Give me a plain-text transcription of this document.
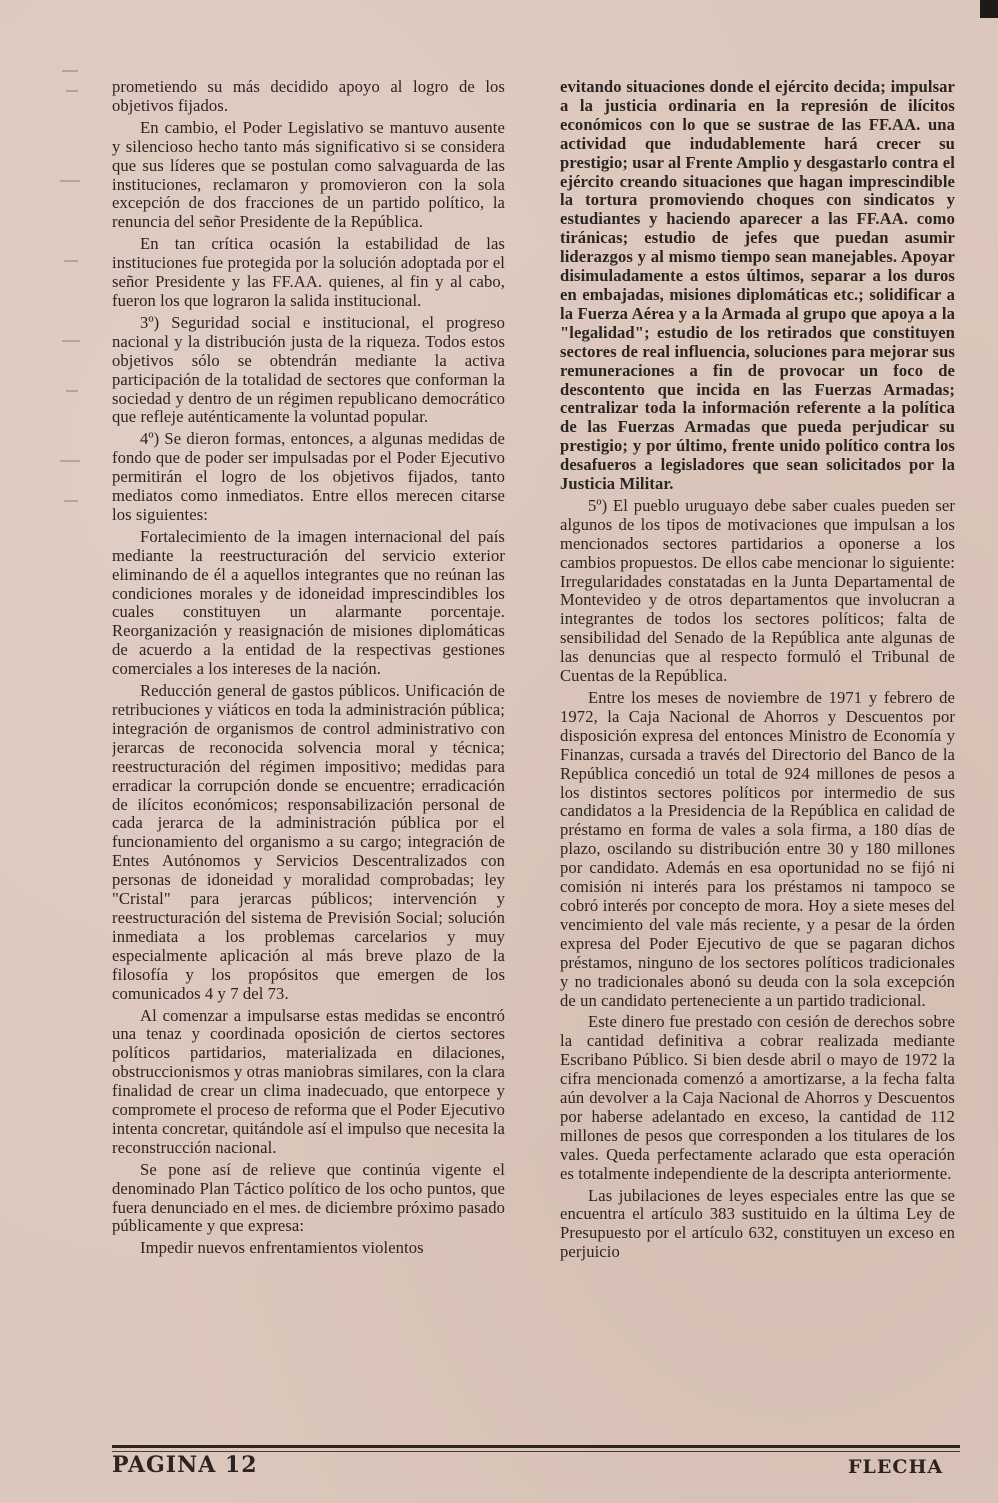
prometiendo su más decidido apoyo al logro de los objetivos fijados.

En cambio, el Poder Legislativo se mantuvo ausente y silencioso hecho tanto más significativo si se considera que sus líderes que se postulan como salvaguarda de las instituciones, reclamaron y promovieron con la sola excepción de dos fracciones de un partido político, la renuncia del señor Presidente de la República.

En tan crítica ocasión la estabilidad de las instituciones fue protegida por la solución adoptada por el señor Presidente y las FF.AA. quienes, al fin y al cabo, fueron los que lograron la salida institucional.

3º) Seguridad social e institucional, el progreso nacional y la distribución justa de la riqueza. Todos estos objetivos sólo se obtendrán mediante la activa participación de la totalidad de sectores que conforman la sociedad y dentro de un régimen republicano democrático que refleje auténticamente la voluntad popular.

4º) Se dieron formas, entonces, a algunas medidas de fondo que de poder ser impulsadas por el Poder Ejecutivo permitirán el logro de los objetivos fijados, tanto mediatos como inmediatos. Entre ellos merecen citarse los siguientes:

Fortalecimiento de la imagen internacional del país mediante la reestructuración del servicio exterior eliminando de él a aquellos integrantes que no reúnan las condiciones morales y de idoneidad imprescindibles los cuales constituyen un alarmante porcentaje. Reorganización y reasignación de misiones diplomáticas de acuerdo a la entidad de la respectivas gestiones comerciales a los intereses de la nación.

Reducción general de gastos públicos. Unificación de retribuciones y viáticos en toda la administración pública; integración de organismos de control administrativo con jerarcas de reconocida solvencia moral y técnica; reestructuración del régimen impositivo; medidas para erradicar la corrupción donde se encuentre; erradicación de ilícitos económicos; responsabilización personal de cada jerarca de la administración pública por el funcionamiento del organismo a su cargo; integración de Entes Autónomos y Servicios Descentralizados con personas de idoneidad y moralidad comprobadas; ley "Cristal" para jerarcas públicos; intervención y reestructuración del sistema de Previsión Social; solución inmediata a los problemas carcelarios y muy especialmente aplicación al más breve plazo de la filosofía y los propósitos que emergen de los comunicados 4 y 7 del 73.

Al comenzar a impulsarse estas medidas se encontró una tenaz y coordinada oposición de ciertos sectores políticos partidarios, materializada en dilaciones, obstruccionismos y otras maniobras similares, con la clara finalidad de crear un clima inadecuado, que entorpece y compromete el proceso de reforma que el Poder Ejecutivo intenta concretar, quitándole así el impulso que necesita la reconstrucción nacional.

Se pone así de relieve que continúa vigente el denominado Plan Táctico político de los ocho puntos, que fuera denunciado en el mes. de diciembre próximo pasado públicamente y que expresa:

Impedir nuevos enfrentamientos violentos

evitando situaciones donde el ejército decida; impulsar a la justicia ordinaria en la represión de ilícitos económicos con lo que se sustrae de las FF.AA. una actividad que indudablemente hará crecer su prestigio; usar al Frente Amplio y desgastarlo contra el ejército creando situaciones que hagan imprescindible la tortura promoviendo choques con sindicatos y estudiantes y haciendo aparecer a las FF.AA. como tiránicas; estudio de jefes que puedan asumir liderazgos y al mismo tiempo sean manejables. Apoyar disimuladamente a estos últimos, separar a los duros en embajadas, misiones diplomáticas etc.; solidificar a la Fuerza Aérea y a la Armada al grupo que apoya a la "legalidad"; estudio de los retirados que constituyen sectores de real influencia, soluciones para mejorar sus remuneraciones a fin de provocar un foco de descontento que incida en las Fuerzas Armadas; centralizar toda la información referente a la política de las Fuerzas Armadas que pueda perjudicar su prestigio; y por último, frente unido político contra los desafueros a legisladores que sean solicitados por la Justicia Militar.

5º) El pueblo uruguayo debe saber cuales pueden ser algunos de los tipos de motivaciones que impulsan a los mencionados sectores partidarios a oponerse a los cambios propuestos. De ellos cabe mencionar lo siguiente: Irregularidades constatadas en la Junta Departamental de Montevideo y de otros departamentos que involucran a integrantes de todos los sectores políticos; falta de sensibilidad del Senado de la República ante algunas de las denuncias que al respecto formuló el Tribunal de Cuentas de la República.

Entre los meses de noviembre de 1971 y febrero de 1972, la Caja Nacional de Ahorros y Descuentos por disposición expresa del entonces Ministro de Economía y Finanzas, cursada a través del Directorio del Banco de la República concedió un total de 924 millones de pesos a los distintos sectores políticos por intermedio de sus candidatos a la Presidencia de la República en calidad de préstamo en forma de vales a sola firma, a 180 días de plazo, oscilando su distribución entre 30 y 180 millones por candidato. Además en esa oportunidad no se fijó ni comisión ni interés para los préstamos ni tampoco se cobró interés por concepto de mora. Hoy a siete meses del vencimiento del vale más reciente, y a pesar de la órden expresa del Poder Ejecutivo de que se pagaran dichos préstamos, ninguno de los sectores políticos tradicionales y no tradicionales abonó su deuda con la sola excepción de un candidato perteneciente a un partido tradicional.

Este dinero fue prestado con cesión de derechos sobre la cantidad definitiva a cobrar realizada mediante Escribano Público. Si bien desde abril o mayo de 1972 la cifra mencionada comenzó a amortizarse, a la fecha falta aún devolver a la Caja Nacional de Ahorros y Descuentos por haberse adelantado en exceso, la cantidad de 112 millones de pesos que corresponden a los titulares de los vales. Queda perfectamente aclarado que esta operación es totalmente independiente de la descripta anteriormente.

Las jubilaciones de leyes especiales entre las que se encuentra el artículo 383 sustituido en la última Ley de Presupuesto por el artículo 632, constituyen un exceso en perjuicio

PAGINA 12	FLECHA
